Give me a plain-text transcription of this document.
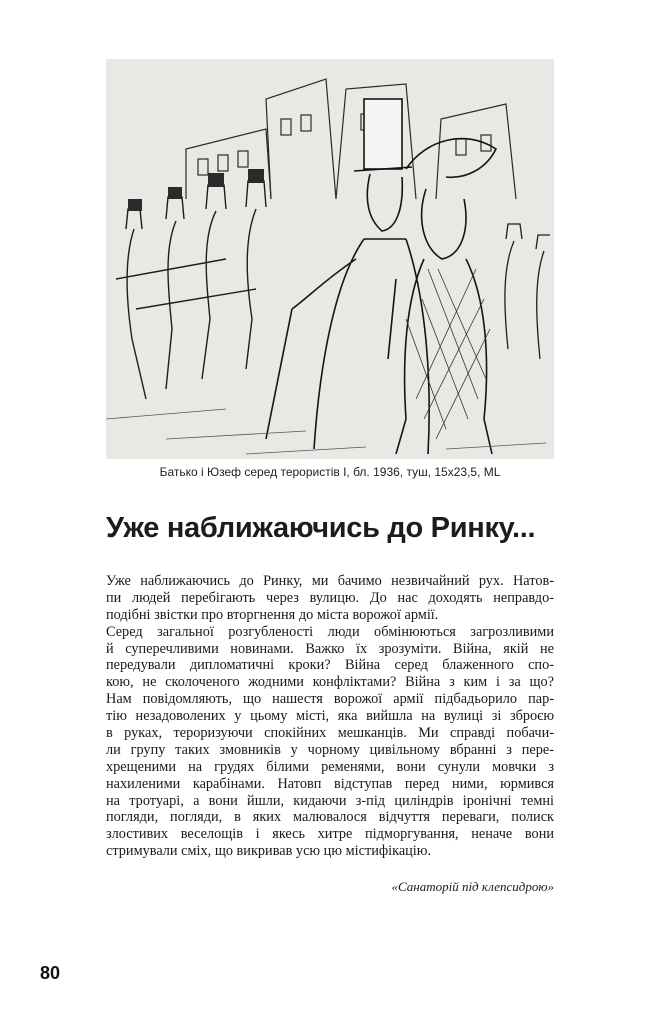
Батько і Юзеф серед терористів I, бл. 1936, туш, 15x23,5, ML
Уже наближаючись до Ринку...
Уже наближаючись до Ринку, ми бачимо незвичайний рух. Натов-
пи людей перебігають через вулицю. До нас доходять неправдо-
подібні звістки про вторгнення до міста ворожої армії.
Серед загальної розгубленості люди обмінюються загрозливими
й суперечливими новинами. Важко їх зрозуміти. Війна, якій не
передували дипломатичні кроки? Війна серед блаженного спо-
кою, не сколоченого жодними конфліктами? Війна з ким і за що?
Нам повідомляють, що нашестя ворожої армії підбадьорило пар-
тію незадоволених у цьому місті, яка вийшла на вулиці зі зброєю
в руках, тероризуючи спокійних мешканців. Ми справді побачи-
ли групу таких змовників у чорному цивільному вбранні з пере-
хрещеними на грудях білими ременями, вони сунули мовчки з
нахиленими карабінами. Натовп відступав перед ними, юрмився
на тротуарі, а вони йшли, кидаючи з-під циліндрів іронічні темні
погляди, погляди, в яких малювалося відчуття переваги, полиск
злостивих веселощів і якесь хитре підморгування, неначе вони
стримували сміх, що викривав усю цю містифікацію.
«Санаторій під клепсидрою»
80
